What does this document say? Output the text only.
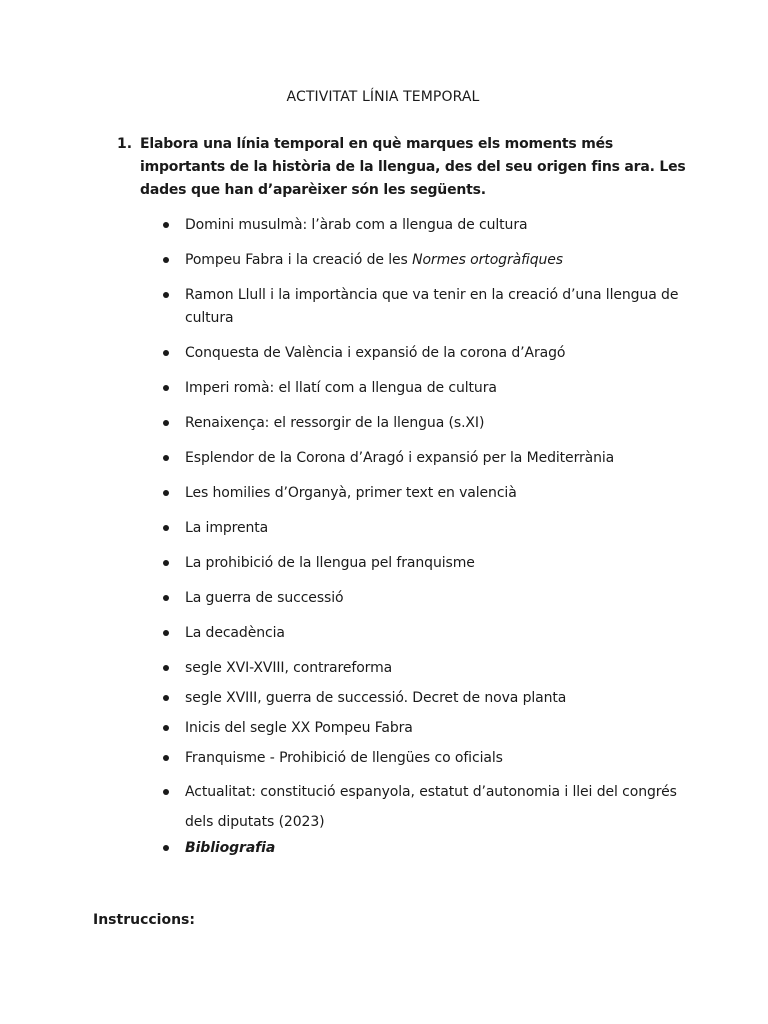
ACTIVITAT LÍNIA TEMPORAL
1. Elabora una línia temporal en què marques els moments més importants de la història de la llengua, des del seu origen fins ara. Les dades que han d’aparèixer són les següents.
Domini musulmà: l’àrab com a llengua de cultura
Pompeu Fabra i la creació de les Normes ortogràfiques
Ramon Llull i la importància que va tenir en la creació d’una llengua de cultura
Conquesta de València i expansió de la corona d’Aragó
Imperi romà: el llatí com a llengua de cultura
Renaixença: el ressorgir de la llengua (s.XI)
Esplendor de la Corona d’Aragó i expansió per la Mediterrània
Les homilies d’Organyà, primer text en valencià
La imprenta
La prohibició de la llengua pel franquisme
La guerra de successió
La decadència
segle XVI-XVIII, contrareforma
segle XVIII, guerra de successió. Decret de nova planta
Inicis del segle XX Pompeu Fabra
Franquisme - Prohibició de llengües co oficials
Actualitat: constitució espanyola, estatut d’autonomia i llei del congrés dels diputats (2023)
Bibliografia
Instruccions:
